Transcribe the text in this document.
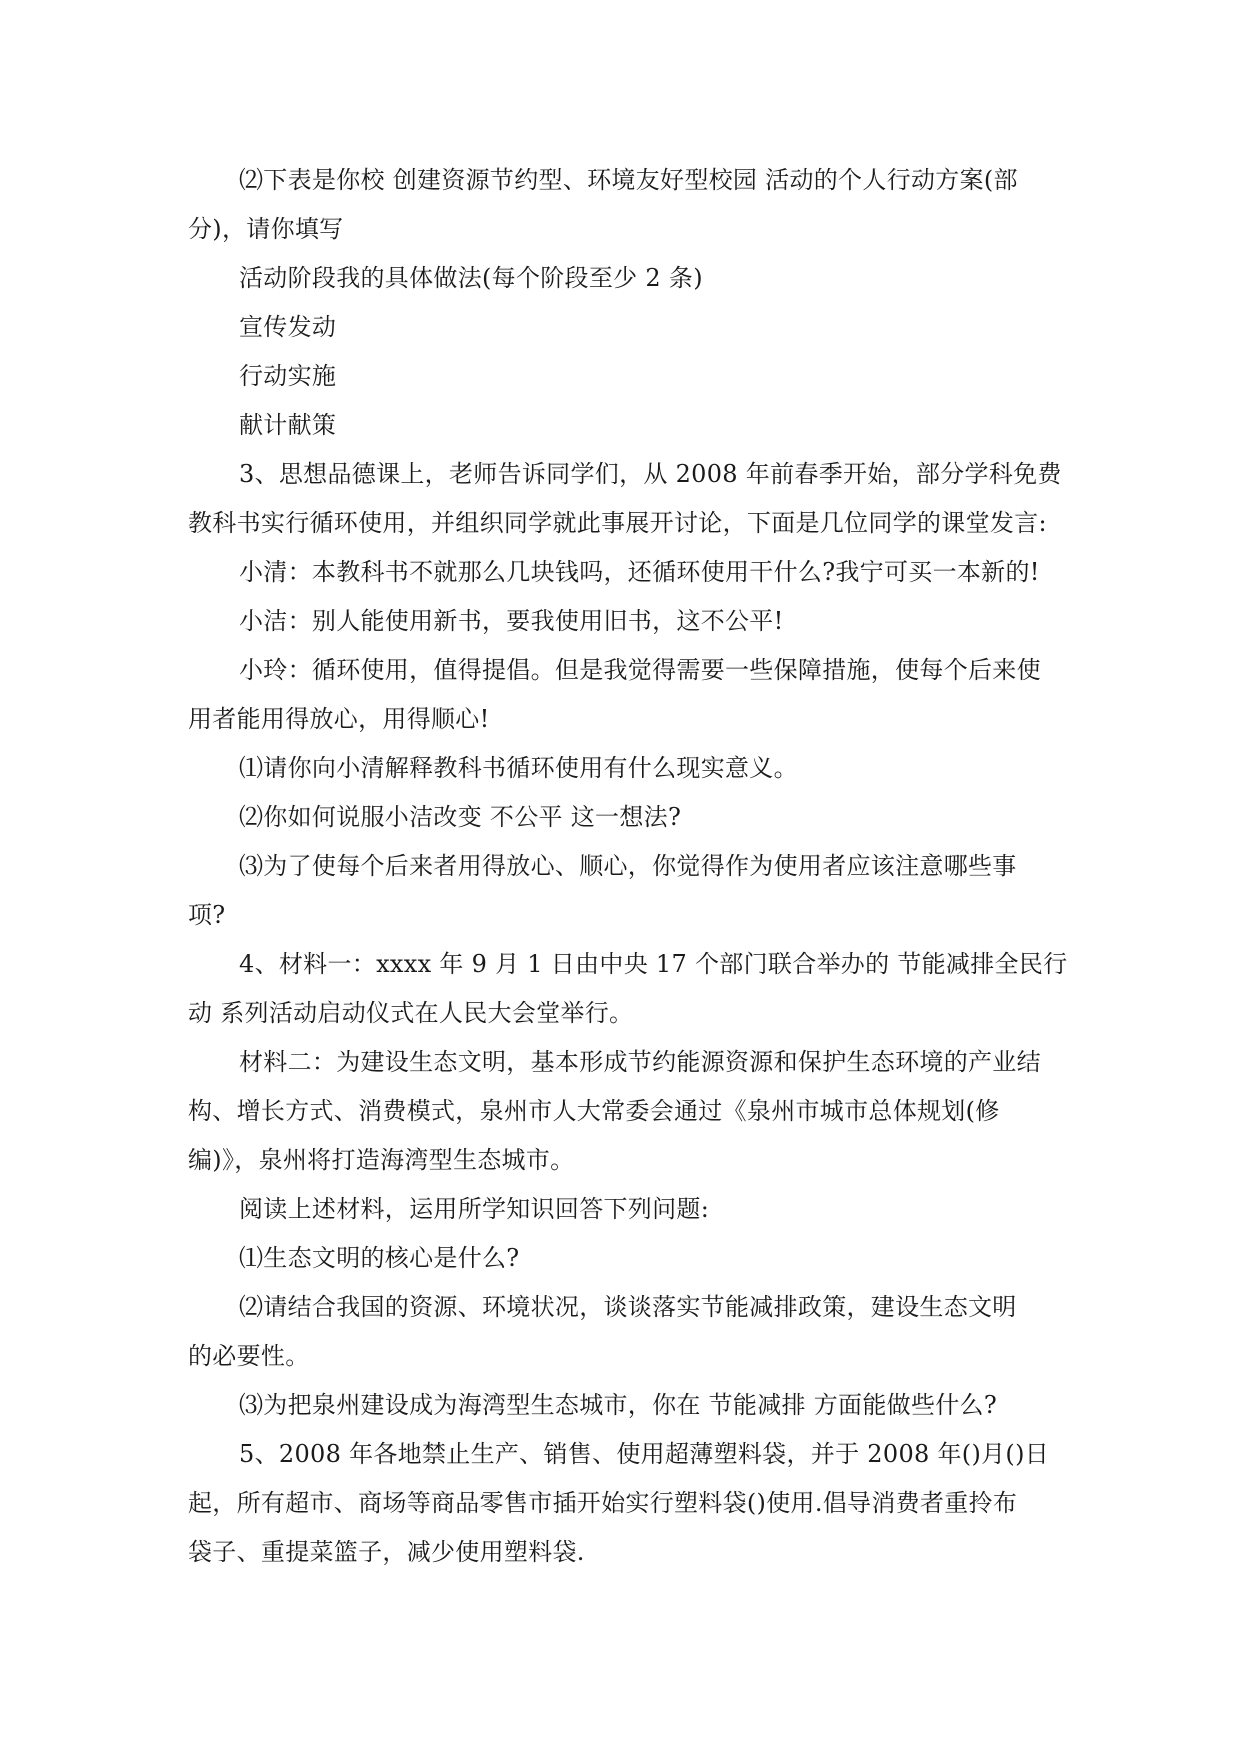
⑵下表是你校 创建资源节约型、环境友好型校园 活动的个人行动方案(部
分)，请你填写
活动阶段我的具体做法(每个阶段至少 2 条)
宣传发动
行动实施
献计献策
3、思想品德课上，老师告诉同学们，从 2008 年前春季开始，部分学科免费
教科书实行循环使用，并组织同学就此事展开讨论，下面是几位同学的课堂发言:
小清：本教科书不就那么几块钱吗，还循环使用干什么?我宁可买一本新的!
小洁：别人能使用新书，要我使用旧书，这不公平!
小玲：循环使用，值得提倡。但是我觉得需要一些保障措施，使每个后来使
用者能用得放心，用得顺心!
⑴请你向小清解释教科书循环使用有什么现实意义。
⑵你如何说服小洁改变 不公平 这一想法?
⑶为了使每个后来者用得放心、顺心，你觉得作为使用者应该注意哪些事
项?
4、材料一：xxxx 年 9 月 1 日由中央 17 个部门联合举办的 节能减排全民行
动 系列活动启动仪式在人民大会堂举行。
材料二：为建设生态文明，基本形成节约能源资源和保护生态环境的产业结
构、增长方式、消费模式，泉州市人大常委会通过《泉州市城市总体规划(修
编)》，泉州将打造海湾型生态城市。
阅读上述材料，运用所学知识回答下列问题:
⑴生态文明的核心是什么?
⑵请结合我国的资源、环境状况，谈谈落实节能减排政策，建设生态文明
的必要性。
⑶为把泉州建设成为海湾型生态城市，你在 节能减排 方面能做些什么?
5、2008 年各地禁止生产、销售、使用超薄塑料袋，并于 2008 年()月()日
起，所有超市、商场等商品零售市插开始实行塑料袋()使用.倡导消费者重拎布
袋子、重提菜篮子，减少使用塑料袋.
